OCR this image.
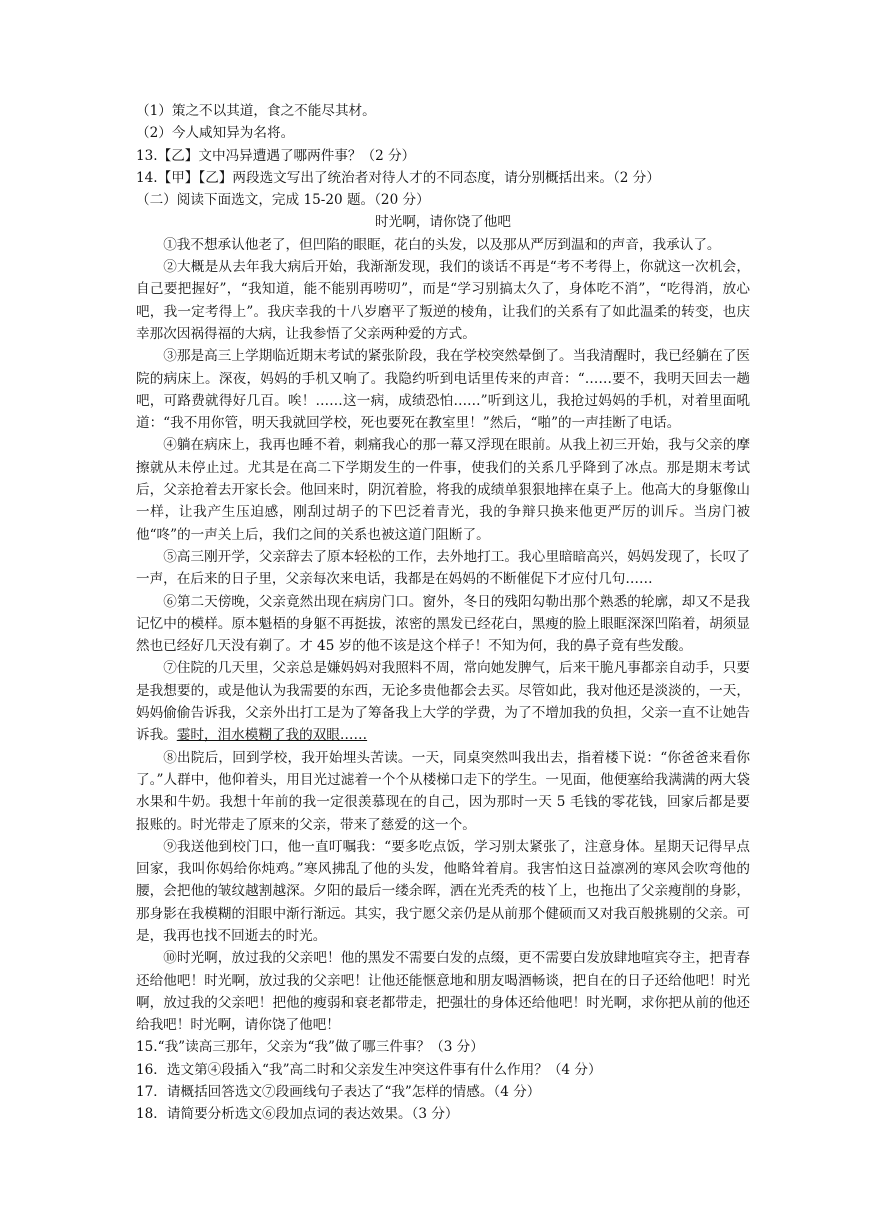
（1）策之不以其道，食之不能尽其材。

（2）今人咸知异为名将。

13.【乙】文中冯异遭遇了哪两件事？（2 分）

14.【甲】【乙】两段选文写出了统治者对待人才的不同态度，请分别概括出来。（2 分）

（二）阅读下面选文，完成 15-20 题。（20 分）

时光啊，请你饶了他吧

①我不想承认他老了，但凹陷的眼眶，花白的头发，以及那从严厉到温和的声音，我承认了。

②大概是从去年我大病后开始，我渐渐发现，我们的谈话不再是“考不考得上，你就这一次机会，自己要把握好”，“我知道，能不能别再唠叨”，而是“学习别搞太久了，身体吃不消”，“吃得消，放心吧，我一定考得上”。我庆幸我的十八岁磨平了叛逆的棱角，让我们的关系有了如此温柔的转变，也庆幸那次因祸得福的大病，让我参悟了父亲两种爱的方式。

③那是高三上学期临近期末考试的紧张阶段，我在学校突然晕倒了。当我清醒时，我已经躺在了医院的病床上。深夜，妈妈的手机又响了。我隐约听到电话里传来的声音：“……要不，我明天回去一趟吧，可路费就得好几百。唉！……这一病，成绩恐怕……”听到这儿，我抢过妈妈的手机，对着里面吼道：“我不用你管，明天我就回学校，死也要死在教室里！”然后，“啪”的一声挂断了电话。

④躺在病床上，我再也睡不着，刺痛我心的那一幕又浮现在眼前。从我上初三开始，我与父亲的摩擦就从未停止过。尤其是在高二下学期发生的一件事，使我们的关系几乎降到了冰点。那是期末考试后，父亲抢着去开家长会。他回来时，阴沉着脸，将我的成绩单狠狠地摔在桌子上。他高大的身躯像山一样，让我产生压迫感，刚刮过胡子的下巴泛着青光，我的争辩只换来他更严厉的训斥。当房门被他“咚”的一声关上后，我们之间的关系也被这道门阻断了。

⑤高三刚开学，父亲辞去了原本轻松的工作，去外地打工。我心里暗暗高兴，妈妈发现了，长叹了一声，在后来的日子里，父亲每次来电话，我都是在妈妈的不断催促下才应付几句……

⑥第二天傍晚，父亲竟然出现在病房门口。窗外，冬日的残阳勾勒出那个熟悉的轮廓，却又不是我记忆中的模样。原本魁梧的身躯不再挺拔，浓密的黑发已经花白，黑瘦的脸上眼眶深深凹陷着，胡须显然也已经好几天没有剃了。才 45 岁的他不该是这个样子！不知为何，我的鼻子竟有些发酸。

⑦住院的几天里，父亲总是嫌妈妈对我照料不周，常向她发脾气，后来干脆凡事都亲自动手，只要是我想要的，或是他认为我需要的东西，无论多贵他都会去买。尽管如此，我对他还是淡淡的，一天，妈妈偷偷告诉我，父亲外出打工是为了筹备我上大学的学费，为了不增加我的负担，父亲一直不让她告诉我。霎时，泪水模糊了我的双眼……

⑧出院后，回到学校，我开始埋头苦读。一天，同桌突然叫我出去，指着楼下说：“你爸爸来看你了。”人群中，他仰着头，用目光过滤着一个个从楼梯口走下的学生。一见面，他便塞给我满满的两大袋水果和牛奶。我想十年前的我一定很羡慕现在的自己，因为那时一天 5 毛钱的零花钱，回家后都是要报账的。时光带走了原来的父亲，带来了慈爱的这一个。

⑨我送他到校门口，他一直叮嘱我：“要多吃点饭，学习别太紧张了，注意身体。星期天记得早点回家，我叫你妈给你炖鸡。”寒风拂乱了他的头发，他略耸着肩。我害怕这日益凛冽的寒风会吹弯他的腰，会把他的皱纹越割越深。夕阳的最后一缕余晖，洒在光秃秃的枝丫上，也拖出了父亲瘦削的身影，那身影在我模糊的泪眼中渐行渐远。其实，我宁愿父亲仍是从前那个健硕而又对我百般挑剔的父亲。可是，我再也找不回逝去的时光。

⑩时光啊，放过我的父亲吧！他的黑发不需要白发的点缀，更不需要白发放肆地喧宾夺主，把青春还给他吧！时光啊，放过我的父亲吧！让他还能惬意地和朋友喝酒畅谈，把自在的日子还给他吧！时光啊，放过我的父亲吧！把他的瘦弱和衰老都带走，把强壮的身体还给他吧！时光啊，求你把从前的他还给我吧！时光啊，请你饶了他吧！

15.“我”读高三那年，父亲为“我”做了哪三件事？（3 分）

16．选文第④段插入“我”高二时和父亲发生冲突这件事有什么作用？（4 分）

17．请概括回答选文⑦段画线句子表达了“我”怎样的情感。（4 分）

18．请简要分析选文⑥段加点词的表达效果。（3 分）
